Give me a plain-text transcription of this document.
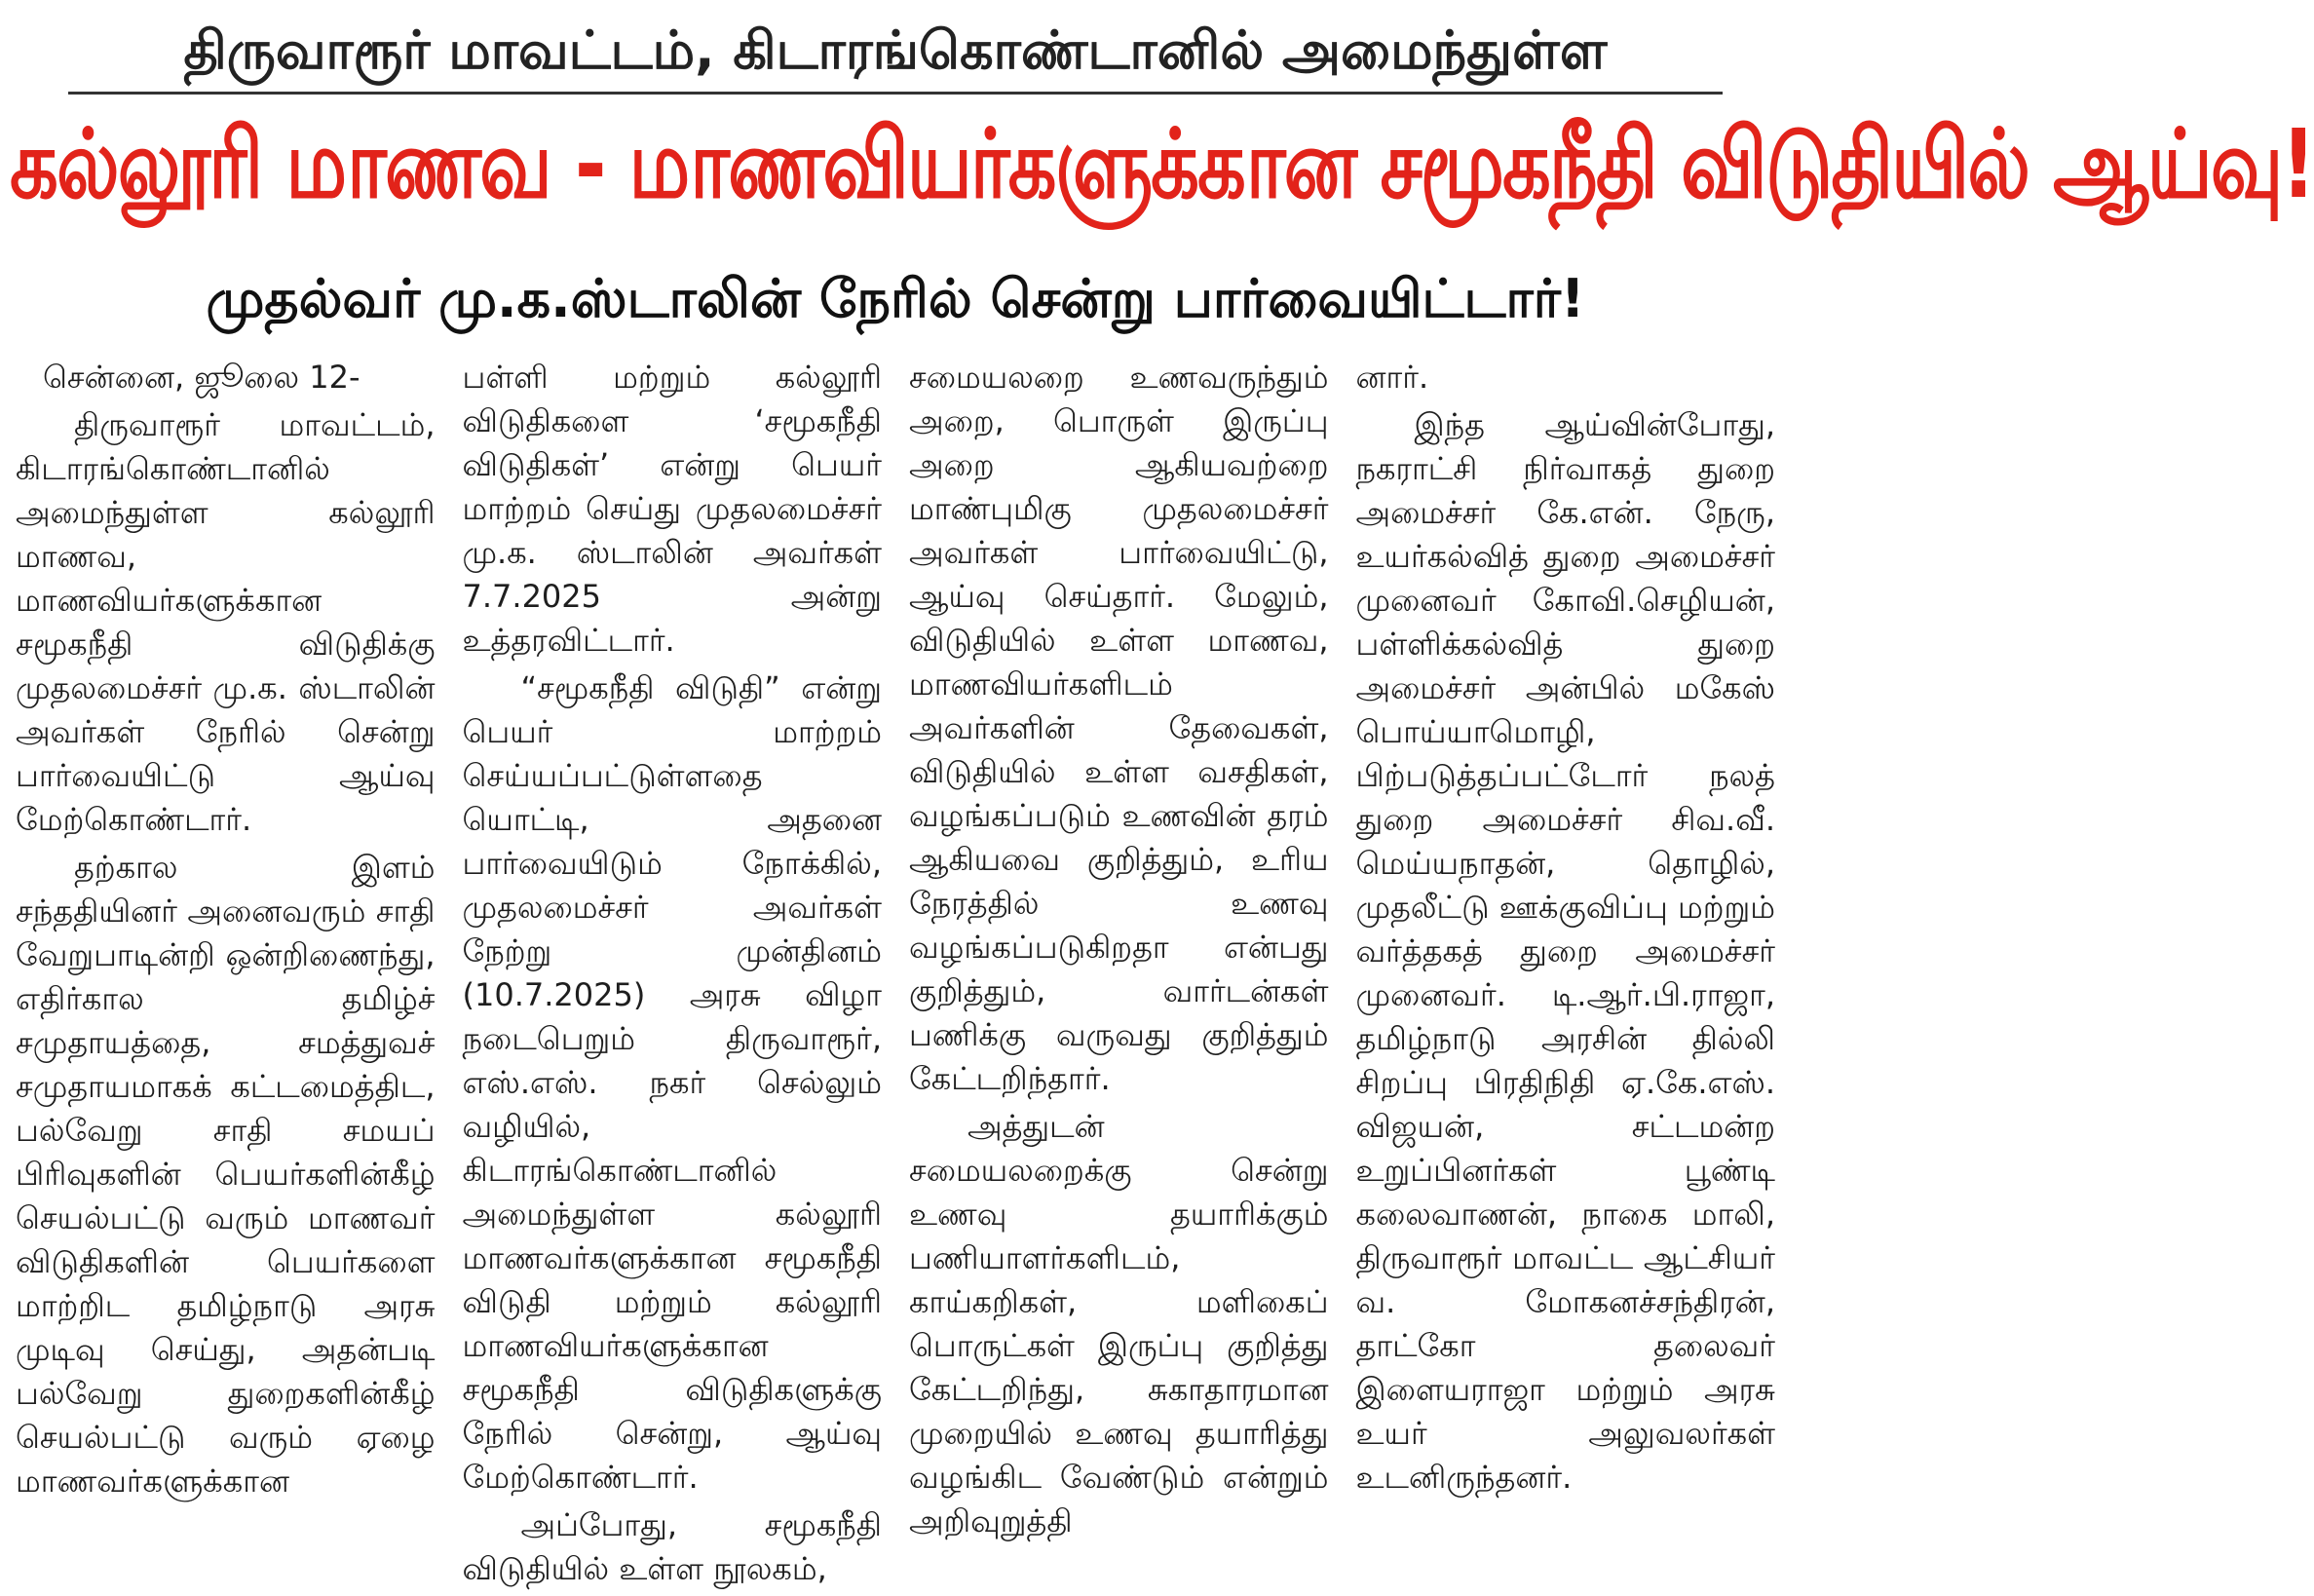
திருவாரூர் மாவட்டம், கிடாரங்கொண்டானில் அமைந்துள்ள
கல்லூரி மாணவ - மாணவியர்களுக்கான சமூகநீதி விடுதியில் ஆய்வு!
முதல்வர் மு.க.ஸ்டாலின் நேரில் சென்று பார்வையிட்டார்!

சென்னை, ஜூலை 12-

திருவாரூர் மாவட்டம், கிடாரங்கொண்டானில் அமைந்துள்ள கல்லூரி மாணவ, மாணவியர்களுக்கான சமூகநீதி விடுதிக்கு முதலமைச்சர் மு.க. ஸ்டாலின் அவர்கள் நேரில் சென்று பார்வையிட்டு ஆய்வு மேற்கொண்டார்.

தற்கால இளம் சந்ததியினர் அனைவரும் சாதி வேறுபாடின்றி ஒன்றிணைந்து, எதிர்கால தமிழ்ச் சமுதாயத்தை, சமத்துவச் சமுதாயமாகக் கட்டமைத்திட, பல்வேறு சாதி சமயப் பிரிவுகளின் பெயர்களின்கீழ் செயல்பட்டு வரும் மாணவர் விடுதிகளின் பெயர்களை மாற்றிட தமிழ்நாடு அரசு முடிவு செய்து, அதன்படி பல்வேறு துறைகளின்கீழ் செயல்பட்டு வரும் ஏழை மாணவர்களுக்கான

பள்ளி மற்றும் கல்லூரி விடுதிகளை ‘சமூகநீதி விடுதிகள்’ என்று பெயர் மாற்றம் செய்து முதலமைச்சர் மு.க. ஸ்டாலின் அவர்கள் 7.7.2025 அன்று உத்தரவிட்டார்.

“சமூகநீதி விடுதி” என்று பெயர் மாற்றம் செய்யப்பட்டுள்ளதை யொட்டி, அதனை பார்வையிடும் நோக்கில், முதலமைச்சர் அவர்கள் நேற்று முன்தினம் (10.7.2025) அரசு விழா நடைபெறும் திருவாரூர், எஸ்.எஸ். நகர் செல்லும் வழியில், கிடாரங்கொண்டானில் அமைந்துள்ள கல்லூரி மாணவர்களுக்கான சமூகநீதி விடுதி மற்றும் கல்லூரி மாணவியர்களுக்கான சமூகநீதி விடுதிகளுக்கு நேரில் சென்று, ஆய்வு மேற்கொண்டார்.

அப்போது, சமூகநீதி விடுதியில் உள்ள நூலகம்,

சமையலறை உணவருந்தும் அறை, பொருள் இருப்பு அறை ஆகியவற்றை மாண்புமிகு முதலமைச்சர் அவர்கள் பார்வையிட்டு, ஆய்வு செய்தார். மேலும், விடுதியில் உள்ள மாணவ, மாணவியர்களிடம் அவர்களின் தேவைகள், விடுதியில் உள்ள வசதிகள், வழங்கப்படும் உணவின் தரம் ஆகியவை குறித்தும், உரிய நேரத்தில் உணவு வழங்கப்படுகிறதா என்பது குறித்தும், வார்டன்கள் பணிக்கு வருவது குறித்தும் கேட்டறிந்தார்.

அத்துடன் சமையலறைக்கு சென்று உணவு தயாரிக்கும் பணியாளர்களிடம், காய்கறிகள், மளிகைப் பொருட்கள் இருப்பு குறித்து கேட்டறிந்து, சுகாதாரமான முறையில் உணவு தயாரித்து வழங்கிட வேண்டும் என்றும் அறிவுறுத்தி

னார்.

இந்த ஆய்வின்போது, நகராட்சி நிர்வாகத் துறை அமைச்சர் கே.என். நேரு, உயர்கல்வித் துறை அமைச்சர் முனைவர் கோவி.செழியன், பள்ளிக்கல்வித் துறை அமைச்சர் அன்பில் மகேஸ் பொய்யாமொழி, பிற்படுத்தப்பட்டோர் நலத் துறை அமைச்சர் சிவ.வீ. மெய்யநாதன், தொழில், முதலீட்டு ஊக்குவிப்பு மற்றும் வர்த்தகத் துறை அமைச்சர் முனைவர். டி.ஆர்.பி.ராஜா, தமிழ்நாடு அரசின் தில்லி சிறப்பு பிரதிநிதி ஏ.கே.எஸ். விஜயன், சட்டமன்ற உறுப்பினர்கள் பூண்டி கலைவாணன், நாகை மாலி, திருவாரூர் மாவட்ட ஆட்சியர் வ. மோகனச்சந்திரன், தாட்கோ தலைவர் இளையராஜா மற்றும் அரசு உயர் அலுவலர்கள் உடனிருந்தனர்.
